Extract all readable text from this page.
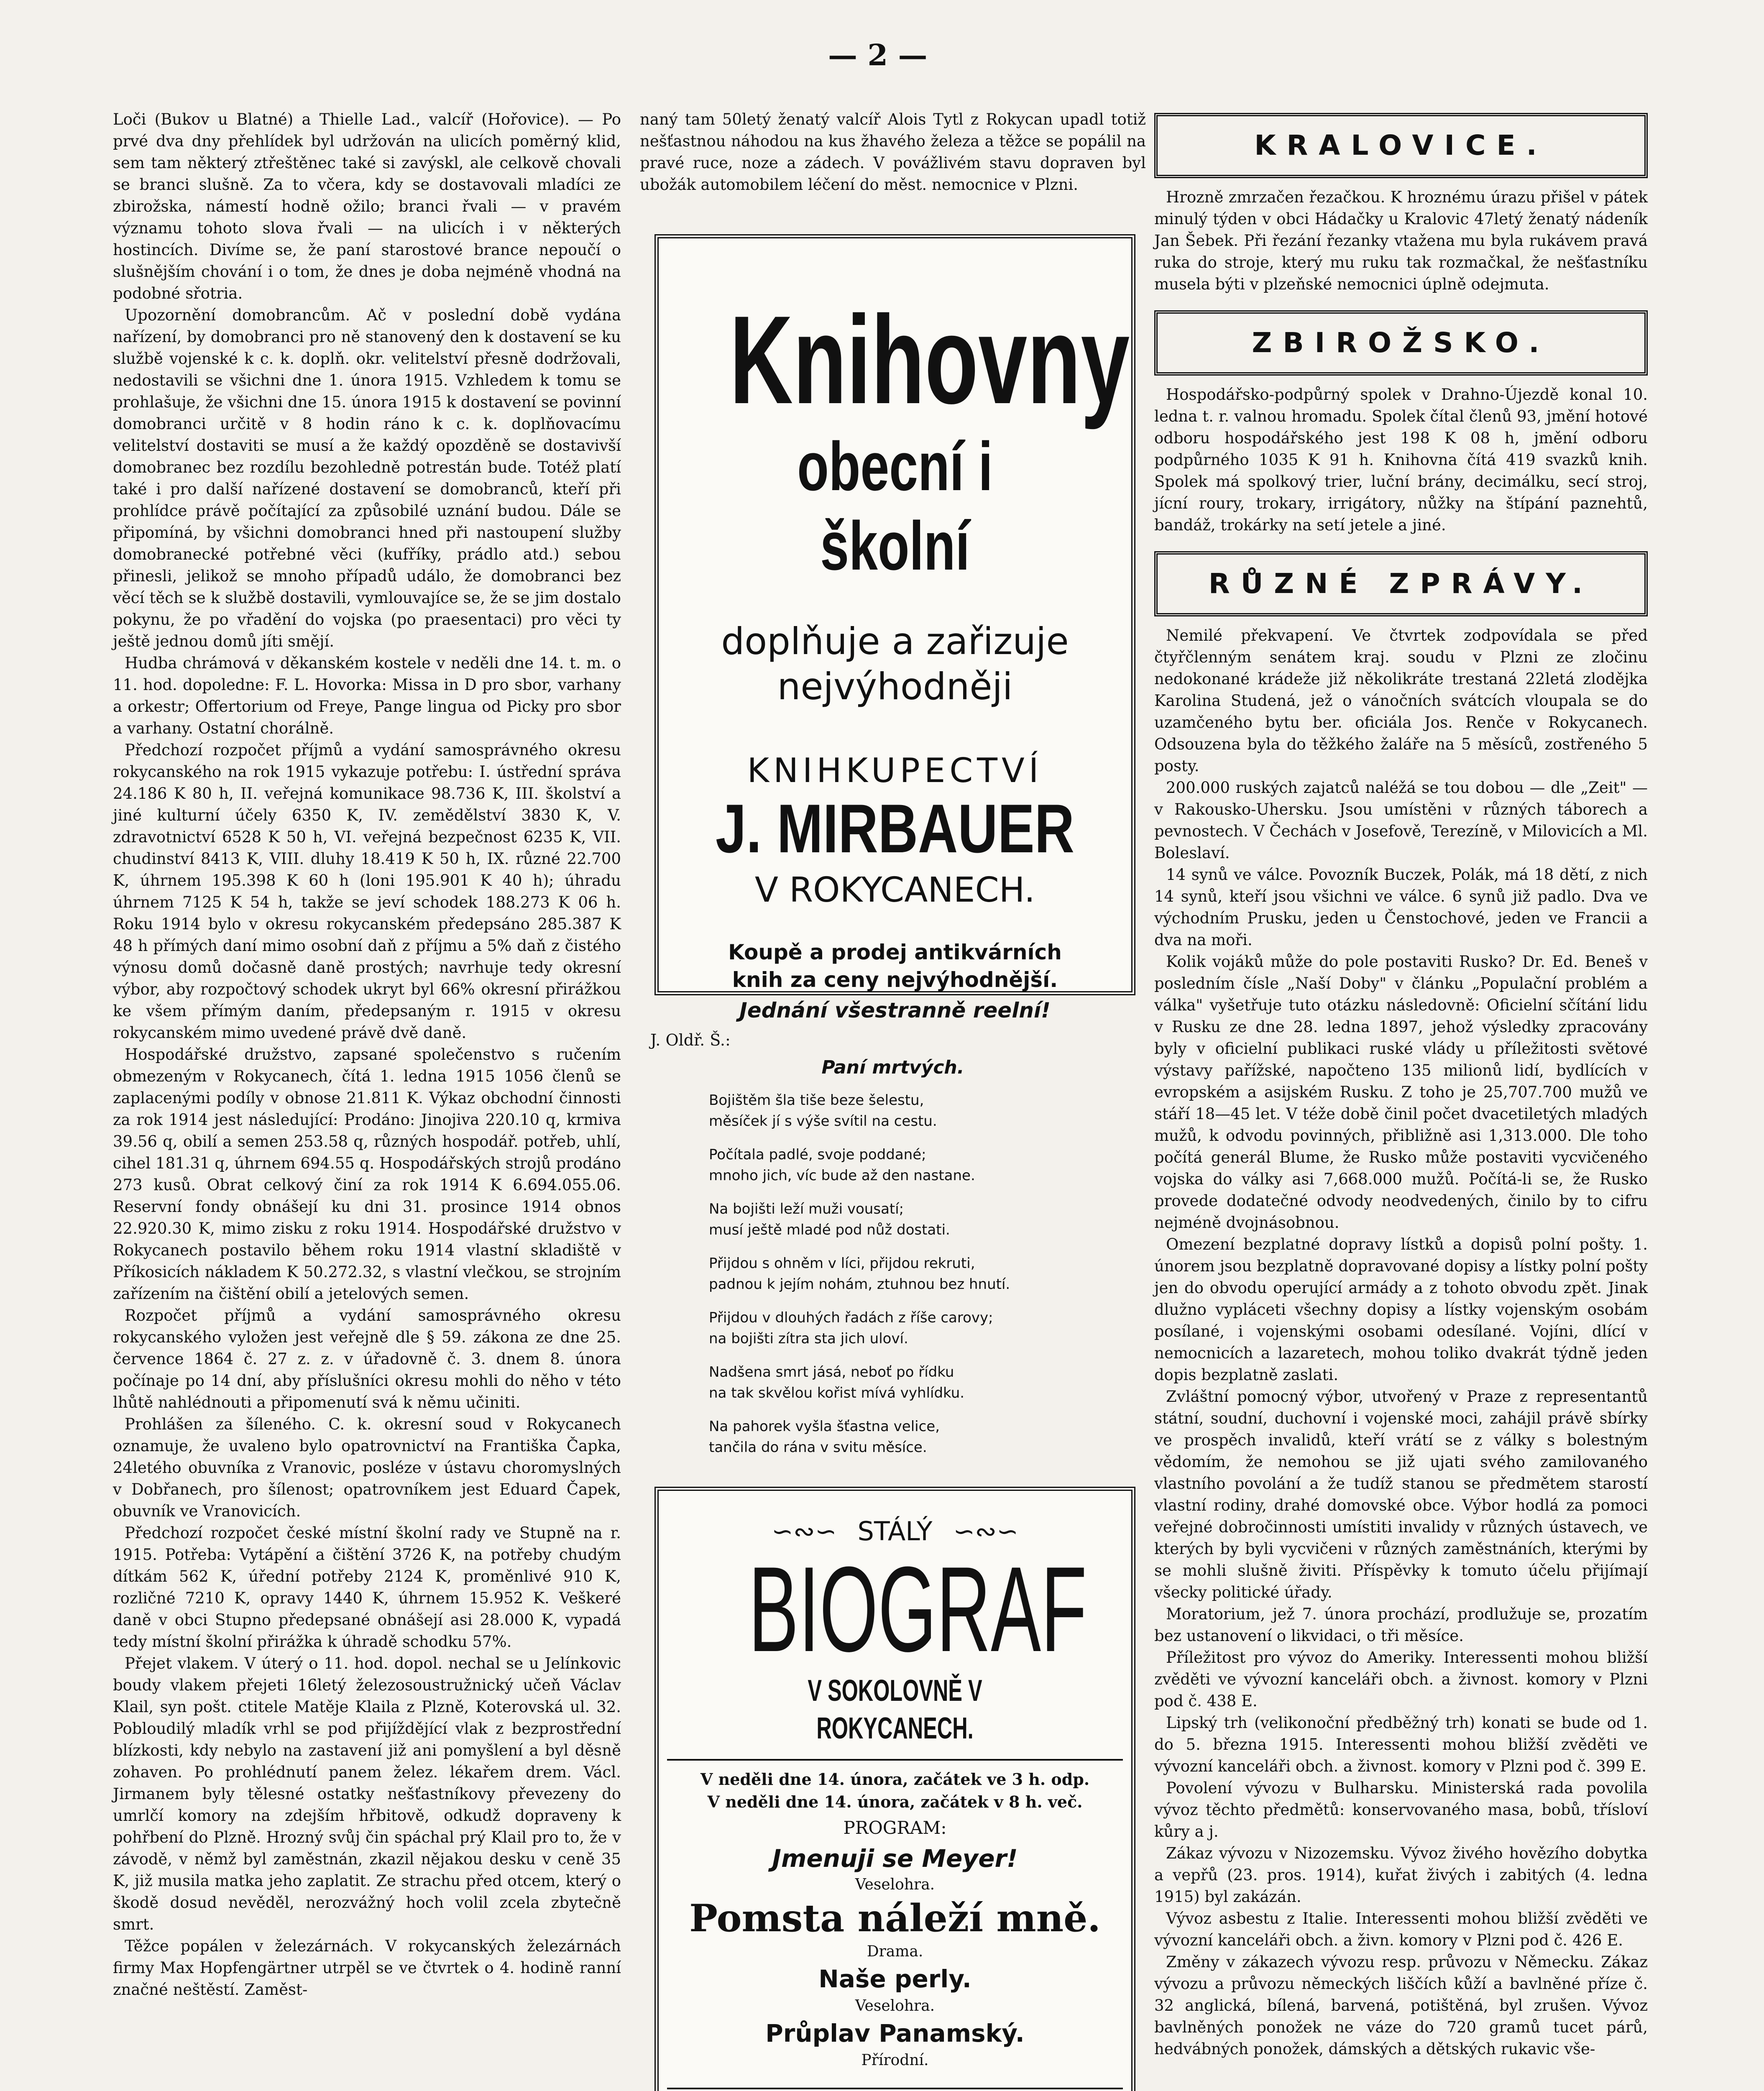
— 2 —

Loči (Bukov u Blatné) a Thielle Lad., valcíř (Hořovice). — Po prvé dva dny přehlídek byl udržován na ulicích poměrný klid, sem tam některý ztřeštěnec také si zavýskl, ale celkově chovali se branci slušně. Za to včera, kdy se dostavovali mladíci ze zbirožska, námestí hodně ožilo; branci řvali — v pravém významu tohoto slova řvali — na ulicích i v některých hostincích. Divíme se, že paní starostové brance nepoučí o slušnějším chování i o tom, že dnes je doba nejméně vhodná na podobné sřotria.

Upozornění domobrancům. Ač v poslední době vydána nařízení, by domobranci pro ně stanovený den k dostavení se ku službě vojenské k c. k. doplň. okr. velitelství přesně dodržovali, nedostavili se všichni dne 1. února 1915. Vzhledem k tomu se prohlašuje, že všichni dne 15. února 1915 k dostavení se povinní domobranci určitě v 8 hodin ráno k c. k. doplňovacímu velitelství dostaviti se musí a že každý opozděně se dostavivší domobranec bez rozdílu bezohledně potrestán bude. Totéž platí také i pro další nařízené dostavení se domobranců, kteří při prohlídce právě počítající za způsobilé uznání budou. Dále se připomíná, by všichni domobranci hned při nastoupení služby domobranecké potřebné věci (kufříky, prádlo atd.) sebou přinesli, jelikož se mnoho případů událo, že domobranci bez věcí těch se k službě dostavili, vymlouvajíce se, že se jim dostalo pokynu, že po vřadění do vojska (po praesentaci) pro věci ty ještě jednou domů jíti smějí.

Hudba chrámová v děkanském kostele v neděli dne 14. t. m. o 11. hod. dopoledne: F. L. Hovorka: Missa in D pro sbor, varhany a orkestr; Offertorium od Freye, Pange lingua od Picky pro sbor a varhany. Ostatní chorálně.

Předchozí rozpočet příjmů a vydání samosprávného okresu rokycanského na rok 1915 vykazuje potřebu: I. ústřední správa 24.186 K 80 h, II. veřejná komunikace 98.736 K, III. školství a jiné kulturní účely 6350 K, IV. zemědělství 3830 K, V. zdravotnictví 6528 K 50 h, VI. veřejná bezpečnost 6235 K, VII. chudinství 8413 K, VIII. dluhy 18.419 K 50 h, IX. různé 22.700 K, úhrnem 195.398 K 60 h (loni 195.901 K 40 h); úhradu úhrnem 7125 K 54 h, takže se jeví schodek 188.273 K 06 h. Roku 1914 bylo v okresu rokycanském předepsáno 285.387 K 48 h přímých daní mimo osobní daň z příjmu a 5% daň z čistého výnosu domů dočasně daně prostých; navrhuje tedy okresní výbor, aby rozpočtový schodek ukryt byl 66% okresní přirážkou ke všem přímým daním, předepsaným r. 1915 v okresu rokycanském mimo uvedené právě dvě daně.

Hospodářské družstvo, zapsané společenstvo s ručením obmezeným v Rokycanech, čítá 1. ledna 1915 1056 členů se zaplacenými podíly v obnose 21.811 K. Výkaz obchodní činnosti za rok 1914 jest následující: Prodáno: Jinojiva 220.10 q, krmiva 39.56 q, obilí a semen 253.58 q, různých hospodář. potřeb, uhlí, cihel 181.31 q, úhrnem 694.55 q. Hospodářských strojů prodáno 273 kusů. Obrat celkový činí za rok 1914 K 6.694.055.06. Reservní fondy obnášejí ku dni 31. prosince 1914 obnos 22.920.30 K, mimo zisku z roku 1914. Hospodářské družstvo v Rokycanech postavilo během roku 1914 vlastní skladiště v Příkosicích nákladem K 50.272.32, s vlastní vlečkou, se strojním zařízením na čištění obilí a jetelových semen.

Rozpočet příjmů a vydání samosprávného okresu rokycanského vyložen jest veřejně dle § 59. zákona ze dne 25. července 1864 č. 27 z. z. v úřadovně č. 3. dnem 8. února počínaje po 14 dní, aby příslušníci okresu mohli do něho v této lhůtě nahlédnouti a připomenutí svá k němu učiniti.

Prohlášen za šíleného. C. k. okresní soud v Rokycanech oznamuje, že uvaleno bylo opatrovnictví na Františka Čapka, 24letého obuvníka z Vranovic, posléze v ústavu choromyslných v Dobřanech, pro šílenost; opatrovníkem jest Eduard Čapek, obuvník ve Vranovicích.

Předchozí rozpočet české místní školní rady ve Stupně na r. 1915. Potřeba: Vytápění a čištění 3726 K, na potřeby chudým dítkám 562 K, úřední potřeby 2124 K, proměnlivé 910 K, rozličné 7210 K, opravy 1440 K, úhrnem 15.952 K. Veškeré daně v obci Stupno předepsané obnášejí asi 28.000 K, vypadá tedy místní školní přirážka k úhradě schodku 57%.

Přejet vlakem. V úterý o 11. hod. dopol. nechal se u Jelínkovic boudy vlakem přejeti 16letý železosoustružnický učeň Václav Klail, syn pošt. ctitele Matěje Klaila z Plzně, Koterovská ul. 32. Pobloudilý mladík vrhl se pod přijíždějící vlak z bezprostřední blízkosti, kdy nebylo na zastavení již ani pomyšlení a byl děsně zohaven. Po prohlédnutí panem želez. lékařem drem. Václ. Jirmanem byly tělesné ostatky nešťastníkovy převezeny do umrlčí komory na zdejším hřbitově, odkudž dopraveny k pohřbení do Plzně. Hrozný svůj čin spáchal prý Klail pro to, že v závodě, v němž byl zaměstnán, zkazil nějakou desku v ceně 35 K, již musila matka jeho zaplatit. Ze strachu před otcem, který o škodě dosud nevěděl, nerozvážný hoch volil zcela zbytečně smrt.

Těžce popálen v železárnách. V rokycanských železárnách firmy Max Hopfengärtner utrpěl se ve čtvrtek o 4. hodině ranní značné neštěstí. Zaměst-

naný tam 50letý ženatý valcíř Alois Tytl z Rokycan upadl totiž nešťastnou náhodou na kus žhavého železa a těžce se popálil na pravé ruce, noze a zádech. V povážlivém stavu dopraven byl ubožák automobilem léčení do měst. nemocnice v Plzni.

Knihovny
obecní i školní
doplňuje a zařizuje
nejvýhodněji
KNIHKUPECTVÍ
J. MIRBAUER
V ROKYCANECH.
Koupě a prodej antikvárních
knih za ceny nejvýhodnější.
Jednání všestranně reelní!
J. Oldř. Š.:
Paní mrtvých.
Bojištěm šla tiše beze šelestu,
měsíček jí s výše svítil na cestu.
Počítala padlé, svoje poddané;
mnoho jich, víc bude až den nastane.
Na bojišti leží muži vousatí;
musí ještě mladé pod nůž dostati.
Přijdou s ohněm v líci, přijdou rekruti,
padnou k jejím nohám, ztuhnou bez hnutí.
Přijdou v dlouhých řadách z říše carovy;
na bojišti zítra sta jich uloví.
Nadšena smrt jásá, neboť po řídku
na tak skvělou kořist mívá vyhlídku.
Na pahorek vyšla šťastna velice,
tančila do rána v svitu měsíce.
∽∾∽ STÁLÝ ∽∾∽
BIOGRAF
V SOKOLOVNĚ V ROKYCANECH.
V neděli dne 14. února, začátek ve 3 h. odp.
V neděli dne 14. února, začátek v 8 h. več.
PROGRAM:
Jmenuji se Meyer!
Veselohra.
Pomsta náleží mně.
Drama.
Naše perly.
Veselohra.
Průplav Panamský.
Přírodní.
KRALOVICE.

Hrozně zmrzačen řezačkou. K hroznému úrazu přišel v pátek minulý týden v obci Hádačky u Kralovic 47letý ženatý nádeník Jan Šebek. Při řezání řezanky vtažena mu byla rukávem pravá ruka do stroje, který mu ruku tak rozmačkal, že nešťastníku musela býti v plzeňské nemocnici úplně odejmuta.

ZBIROŽSKO.

Hospodářsko-podpůrný spolek v Drahno-Újezdě konal 10. ledna t. r. valnou hromadu. Spolek čítal členů 93, jmění hotové odboru hospodářského jest 198 K 08 h, jmění odboru podpůrného 1035 K 91 h. Knihovna čítá 419 svazků knih. Spolek má spolkový trier, luční brány, decimálku, secí stroj, jícní roury, trokary, irrigátory, nůžky na štípání paznehtů, bandáž, trokárky na setí jetele a jiné.

RŮZNÉ ZPRÁVY.

Nemilé překvapení. Ve čtvrtek zodpovídala se před čtyřčlenným senátem kraj. soudu v Plzni ze zločinu nedokonané krádeže již několikráte trestaná 22letá zlodějka Karolina Studená, jež o vánočních svátcích vloupala se do uzamčeného bytu ber. oficiála Jos. Renče v Rokycanech. Odsouzena byla do těžkého žaláře na 5 měsíců, zostřeného 5 posty.

200.000 ruských zajatců naléžá se tou dobou — dle „Zeit" — v Rakousko-Uhersku. Jsou umístěni v různých táborech a pevnostech. V Čechách v Josefově, Terezíně, v Milovicích a Ml. Boleslaví.

14 synů ve válce. Povozník Buczek, Polák, má 18 dětí, z nich 14 synů, kteří jsou všichni ve válce. 6 synů již padlo. Dva ve východním Prusku, jeden u Čenstochové, jeden ve Francii a dva na moři.

Kolik vojáků může do pole postaviti Rusko? Dr. Ed. Beneš v posledním čísle „Naší Doby" v článku „Populační problém a válka" vyšetřuje tuto otázku následovně: Oficielní sčítání lidu v Rusku ze dne 28. ledna 1897, jehož výsledky zpracovány byly v oficielní publikaci ruské vlády u příležitosti světové výstavy pařížské, napočteno 135 milionů lidí, bydlících v evropském a asijském Rusku. Z toho je 25,707.700 mužů ve stáří 18—45 let. V téže době činil počet dvacetiletých mladých mužů, k odvodu povinných, přibližně asi 1,313.000. Dle toho počítá generál Blume, že Rusko může postaviti vycvičeného vojska do války asi 7,668.000 mužů. Počítá-li se, že Rusko provede dodatečné odvody neodvedených, činilo by to cifru nejméně dvojnásobnou.

Omezení bezplatné dopravy lístků a dopisů polní pošty. 1. únorem jsou bezplatně dopravované dopisy a lístky polní pošty jen do obvodu operující armády a z tohoto obvodu zpět. Jinak dlužno vypláceti všechny dopisy a lístky vojenským osobám posílané, i vojenskými osobami odesílané. Vojíni, dlící v nemocnicích a lazaretech, mohou toliko dvakrát týdně jeden dopis bezplatně zaslati.

Zvláštní pomocný výbor, utvořený v Praze z representantů státní, soudní, duchovní i vojenské moci, zahájil právě sbírky ve prospěch invalidů, kteří vrátí se z války s bolestným vědomím, že nemohou se již ujati svého zamilovaného vlastního povolání a že tudíž stanou se předmětem starostí vlastní rodiny, drahé domovské obce. Výbor hodlá za pomoci veřejné dobročinnosti umístiti invalidy v různých ústavech, ve kterých by byli vycvičeni v různých zaměstnáních, kterými by se mohli slušně živiti. Příspěvky k tomuto účelu přijímají všecky politické úřady.

Moratorium, jež 7. února prochází, prodlužuje se, prozatím bez ustanovení o likvidaci, o tři měsíce.

Příležitost pro vývoz do Ameriky. Interessenti mohou bližší zvěděti ve vývozní kanceláři obch. a živnost. komory v Plzni pod č. 438 E.

Lipský trh (velikonoční předběžný trh) konati se bude od 1. do 5. března 1915. Interessenti mohou bližší zvěděti ve vývozní kanceláři obch. a živnost. komory v Plzni pod č. 399 E.

Povolení vývozu v Bulharsku. Ministerská rada povolila vývoz těchto předmětů: konservovaného masa, bobů, třísloví kůry a j.

Zákaz vývozu v Nizozemsku. Vývoz živého hovězího dobytka a vepřů (23. pros. 1914), kuřat živých i zabitých (4. ledna 1915) byl zakázán.

Vývoz asbestu z Italie. Interessenti mohou bližší zvěděti ve vývozní kanceláři obch. a živn. komory v Plzni pod č. 426 E.

Změny v zákazech vývozu resp. průvozu v Německu. Zákaz vývozu a průvozu německých liščích kůží a bavlněné příze č. 32 anglická, bílená, barvená, potištěná, byl zrušen. Vývoz bavlněných ponožek ne váze do 720 gramů tucet párů, hedvábných ponožek, dámských a dětských rukavic vše-
